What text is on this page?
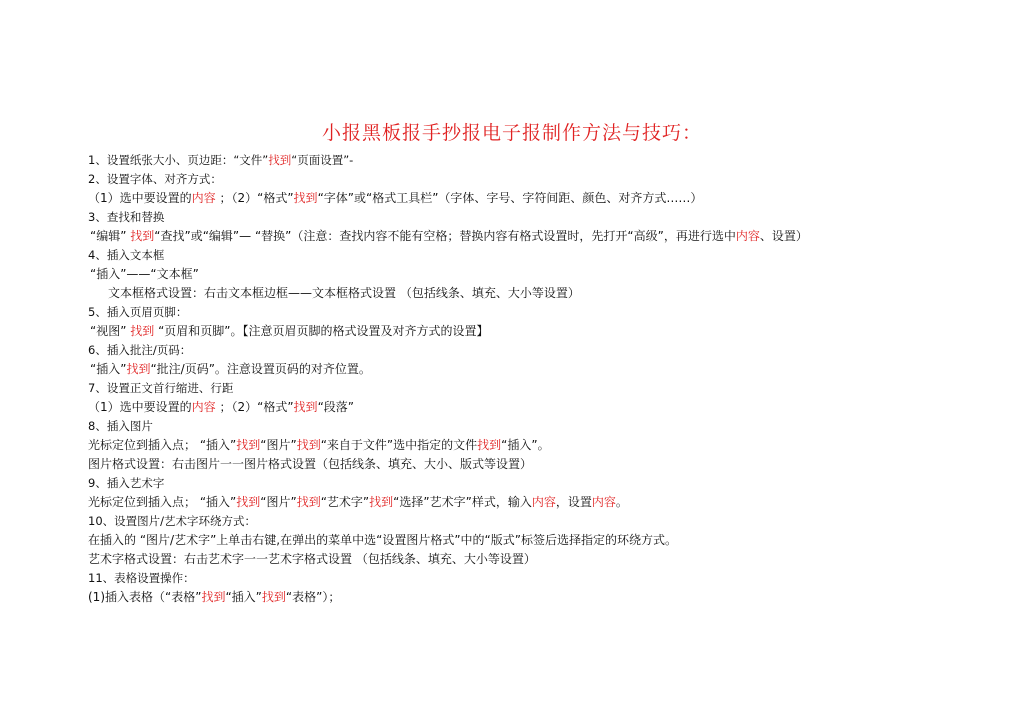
小报黑板报手抄报电子报制作方法与技巧：
1、设置纸张大小、页边距：“文件”找到“页面设置”-
2、设置字体、对齐方式：
（1）选中要设置的内容 ；（2）“格式”找到“字体”或“格式工具栏”（字体、字号、字符间距、颜色、对齐方式……）
3、查找和替换
“编辑” 找到“查找”或“编辑”— “替换”（注意：查找内容不能有空格；替换内容有格式设置时，先打开“高级”，再进行选中内容、设置）
4、插入文本框
“插入”——“文本框”
文本框格式设置：右击文本框边框——文本框格式设置 （包括线条、填充、大小等设置）
5、插入页眉页脚：
“视图” 找到 “页眉和页脚”。【注意页眉页脚的格式设置及对齐方式的设置】
6、插入批注/页码：
“插入”找到“批注/页码”。注意设置页码的对齐位置。
7、设置正文首行缩进、行距
（1）选中要设置的内容 ；（2）“格式”找到“段落”
8、插入图片
光标定位到插入点； “插入”找到“图片”找到“来自于文件”选中指定的文件找到“插入”。
图片格式设置：右击图片一一图片格式设置（包括线条、填充、大小、版式等设置）
9、插入艺术字
光标定位到插入点； “插入”找到“图片”找到“艺术字”找到“选择”艺术字”样式，输入内容，设置内容。
10、设置图片/艺术字环绕方式：
在插入的 “图片/艺术字”上单击右键,在弹出的菜单中选“设置图片格式”中的“版式”标签后选择指定的环绕方式。
艺术字格式设置：右击艺术字一一艺术字格式设置 （包括线条、填充、大小等设置）
11、表格设置操作：
(1)插入表格（“表格”找到“插入”找到“表格”）；
